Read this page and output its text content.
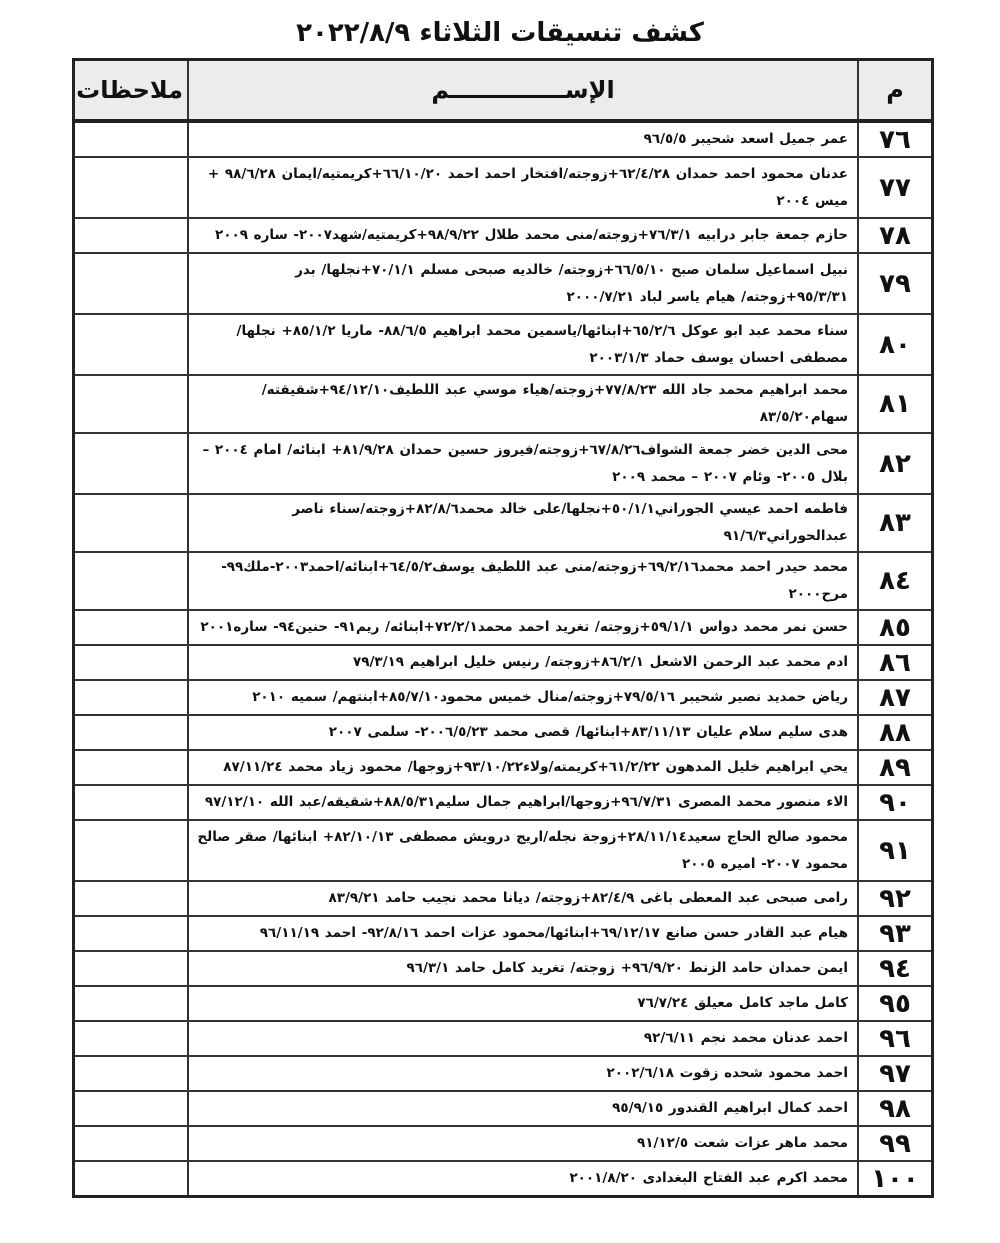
كشف تنسيقات الثلاثاء ٢٠٢٢/٨/٩
م	الإســــــــــــــم	ملاحظات
٧٦	عمر جميل اسعد شحيبر ٩٦/٥/٥	
٧٧	عدنان محمود احمد حمدان ٦٢/٤/٢٨+زوجته/افتخار احمد احمد ٦٦/١٠/٢٠+كريمتيه/ايمان ٩٨/٦/٢٨ + ميس ٢٠٠٤	
٧٨	حازم جمعة جابر درابيه ٧٦/٣/١+زوجته/منى محمد طلال ٩٨/٩/٢٢+كريمتيه/شهد٢٠٠٧- ساره ٢٠٠٩	
٧٩	نبيل اسماعيل سلمان صبح ٦٦/٥/١٠+زوجته/ خالديه صبحى مسلم ٧٠/١/١+نجلها/ بدر ٩٥/٣/٣١+زوجته/ هيام ياسر لباد ٢٠٠٠/٧/٢١	
٨٠	سناء محمد عبد ابو عوكل ٦٥/٢/٦+ابنائها/ياسمين محمد ابراهيم ٨٨/٦/٥- ماريا ٨٥/١/٢+ نجلها/مصطفى احسان يوسف حماد ٢٠٠٣/١/٣	
٨١	محمد ابراهيم محمد جاد الله ٧٧/٨/٢٣+زوجته/هياء موسي عبد اللطيف٩٤/١٢/١٠+شقيقته/سهام٨٣/٥/٢٠	
٨٢	محى الدين خضر جمعة الشواف٦٧/٨/٢٦+زوجته/فيروز حسين حمدان ٨١/٩/٢٨+ ابنائه/ امام ٢٠٠٤ – بلال ٢٠٠٥- وئام ٢٠٠٧ – محمد ٢٠٠٩	
٨٣	فاطمه احمد عيسي الجوراني٥٠/١/١+نجلها/على خالد محمد٨٢/٨/٦+زوجته/سناء ناصر عبدالحوراني٩١/٦/٣	
٨٤	محمد حيدر احمد محمد٦٩/٢/١٦+زوجته/منى عبد اللطيف يوسف٦٤/٥/٢+ابنائه/احمد٢٠٠٣-ملك٩٩-مرح٢٠٠٠	
٨٥	حسن نمر محمد دواس ٥٩/١/١+زوجته/ تغريد احمد محمد٧٢/٢/١+ابنائه/ ريم٩١- حنين٩٤- ساره٢٠٠١	
٨٦	ادم محمد عبد الرحمن الاشعل ٨٦/٢/١+زوجته/ رنيس خليل ابراهيم ٧٩/٣/١٩	
٨٧	رياض حمديد نصير شحيبر ٧٩/٥/١٦+زوجته/منال خميس محمود٨٥/٧/١٠+ابنتهم/ سميه ٢٠١٠	
٨٨	هدى سليم سلام عليان ٨٣/١١/١٣+ابنائها/ قصى محمد ٢٠٠٦/٥/٢٣- سلمى ٢٠٠٧	
٨٩	يحي ابراهيم خليل المدهون ٦١/٢/٢٢+كريمته/ولاء٩٣/١٠/٢٢+زوجها/ محمود زياد محمد ٨٧/١١/٢٤	
٩٠	الاء منصور محمد المصرى ٩٦/٧/٣١+زوجها/ابراهيم جمال سليم٨٨/٥/٣١+شقيقه/عبد الله ٩٧/١٢/١٠	
٩١	محمود صالح الحاج سعيد٢٨/١١/١٤+زوجة نجله/اريج درويش مصطفى ٨٢/١٠/١٣+ ابنائها/ صقر صالح محمود ٢٠٠٧- اميره ٢٠٠٥	
٩٢	رامى صبحى عبد المعطى باغى ٨٢/٤/٩+زوجته/ ديانا محمد نجيب حامد ٨٣/٩/٢١	
٩٣	هيام عبد القادر حسن صانع ٦٩/١٢/١٧+ابنائها/محمود عزات احمد ٩٢/٨/١٦- احمد ٩٦/١١/١٩	
٩٤	ايمن حمدان حامد الزنط ٩٦/٩/٢٠+ زوجته/ تغريد كامل حامد ٩٦/٣/١	
٩٥	كامل ماجد كامل معيلق ٧٦/٧/٢٤	
٩٦	احمد عدنان محمد نجم ٩٢/٦/١١	
٩٧	احمد محمود شحده زقوت ٢٠٠٢/٦/١٨	
٩٨	احمد كمال ابراهيم القندور ٩٥/٩/١٥	
٩٩	محمد ماهر عزات شعت ٩١/١٢/٥	
١٠٠	محمد اكرم عبد الفتاح البغدادى ٢٠٠١/٨/٢٠	
